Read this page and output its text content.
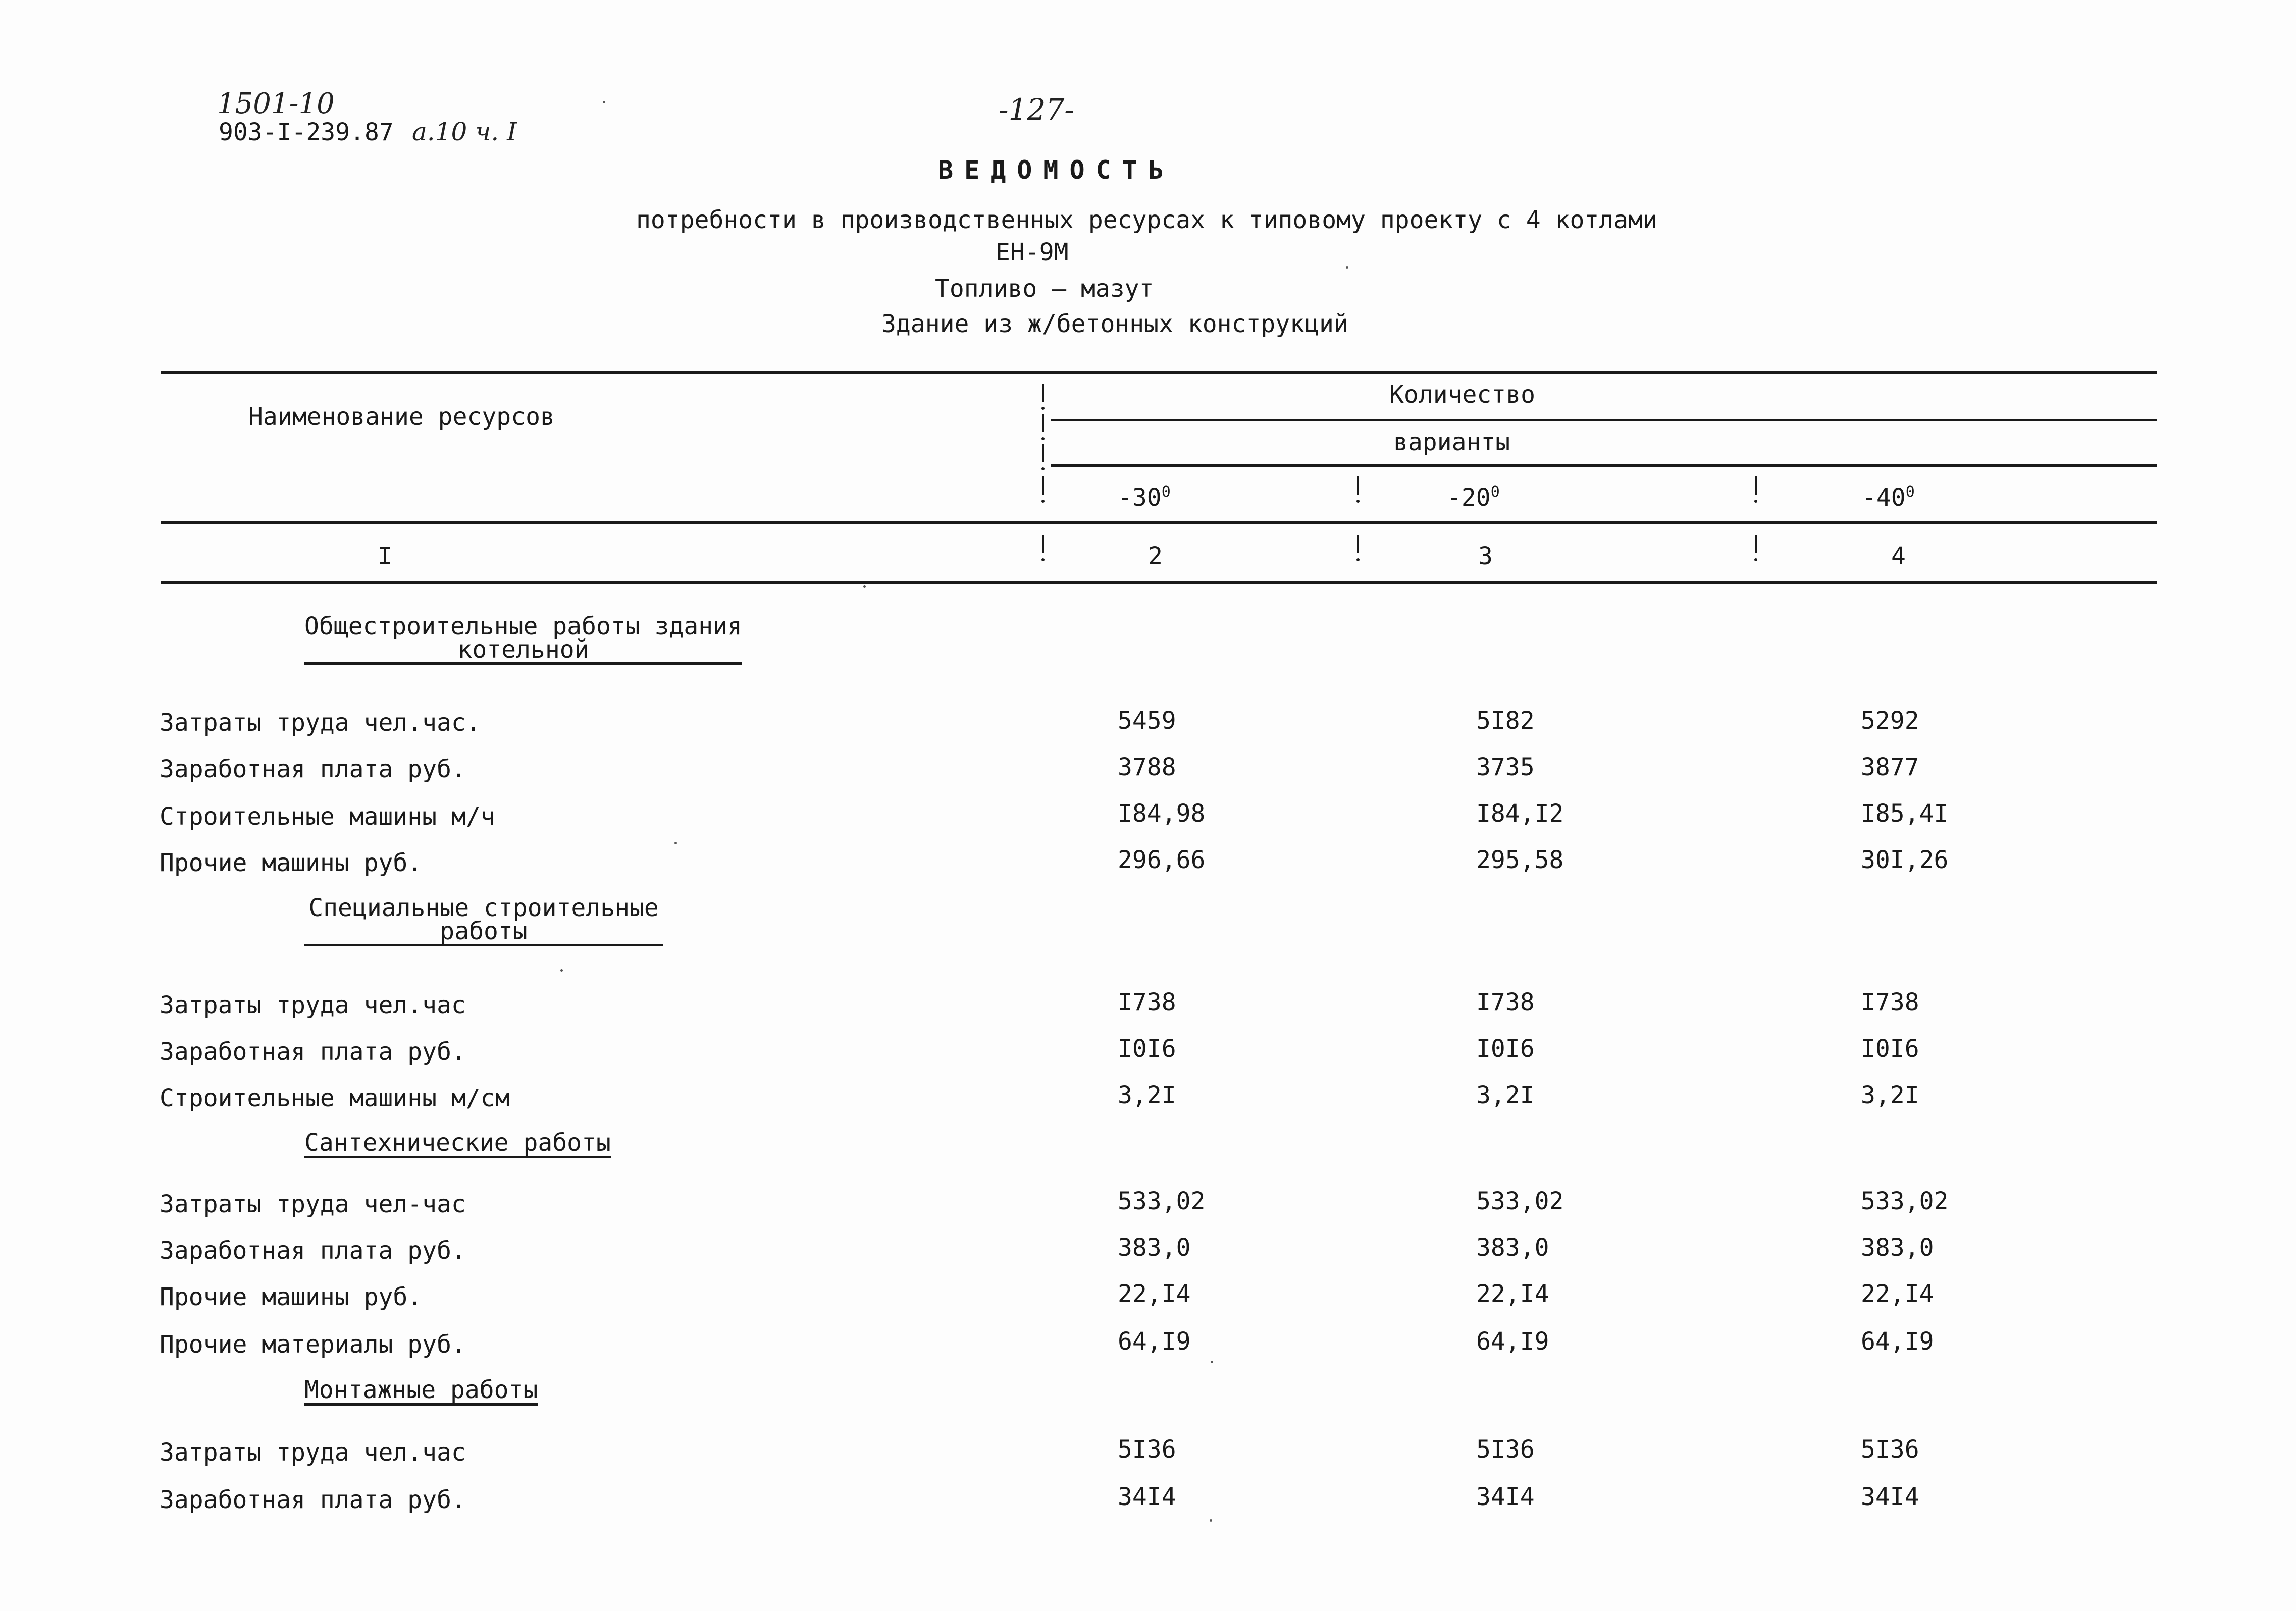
1501-10
903-I-239.87 a.10 ч. I
-127-
ВЕДОМОСТЬ
потребности в производственных ресурсах к типовому проекту с 4 котлами
ЕН-9М
Топливо – мазут
Здание из ж/бетонных конструкций
Наименование ресурсов
Количество
варианты
$-30^0$	$-20^0$	$-40^0$
I	2	3	4
Общестроительные работы здания
котельной
Затраты труда чел.час.	5459	5I82	5292
Заработная плата руб.	3788	3735	3877
Строительные машины м/ч	I84,98	I84,I2	I85,4I
Прочие машины руб.	296,66	295,58	30I,26
Специальные строительные
работы
Затраты труда чел.час	I738	I738	I738
Заработная плата руб.	I0I6	I0I6	I0I6
Строительные машины м/см	3,2I	3,2I	3,2I
Сантехнические работы
Затраты труда чел-час	533,02	533,02	533,02
Заработная плата руб.	383,0	383,0	383,0
Прочие машины руб.	22,I4	22,I4	22,I4
Прочие материалы руб.	64,I9	64,I9	64,I9
Монтажные работы
Затраты труда чел.час	5I36	5I36	5I36
Заработная плата руб.	34I4	34I4	34I4
